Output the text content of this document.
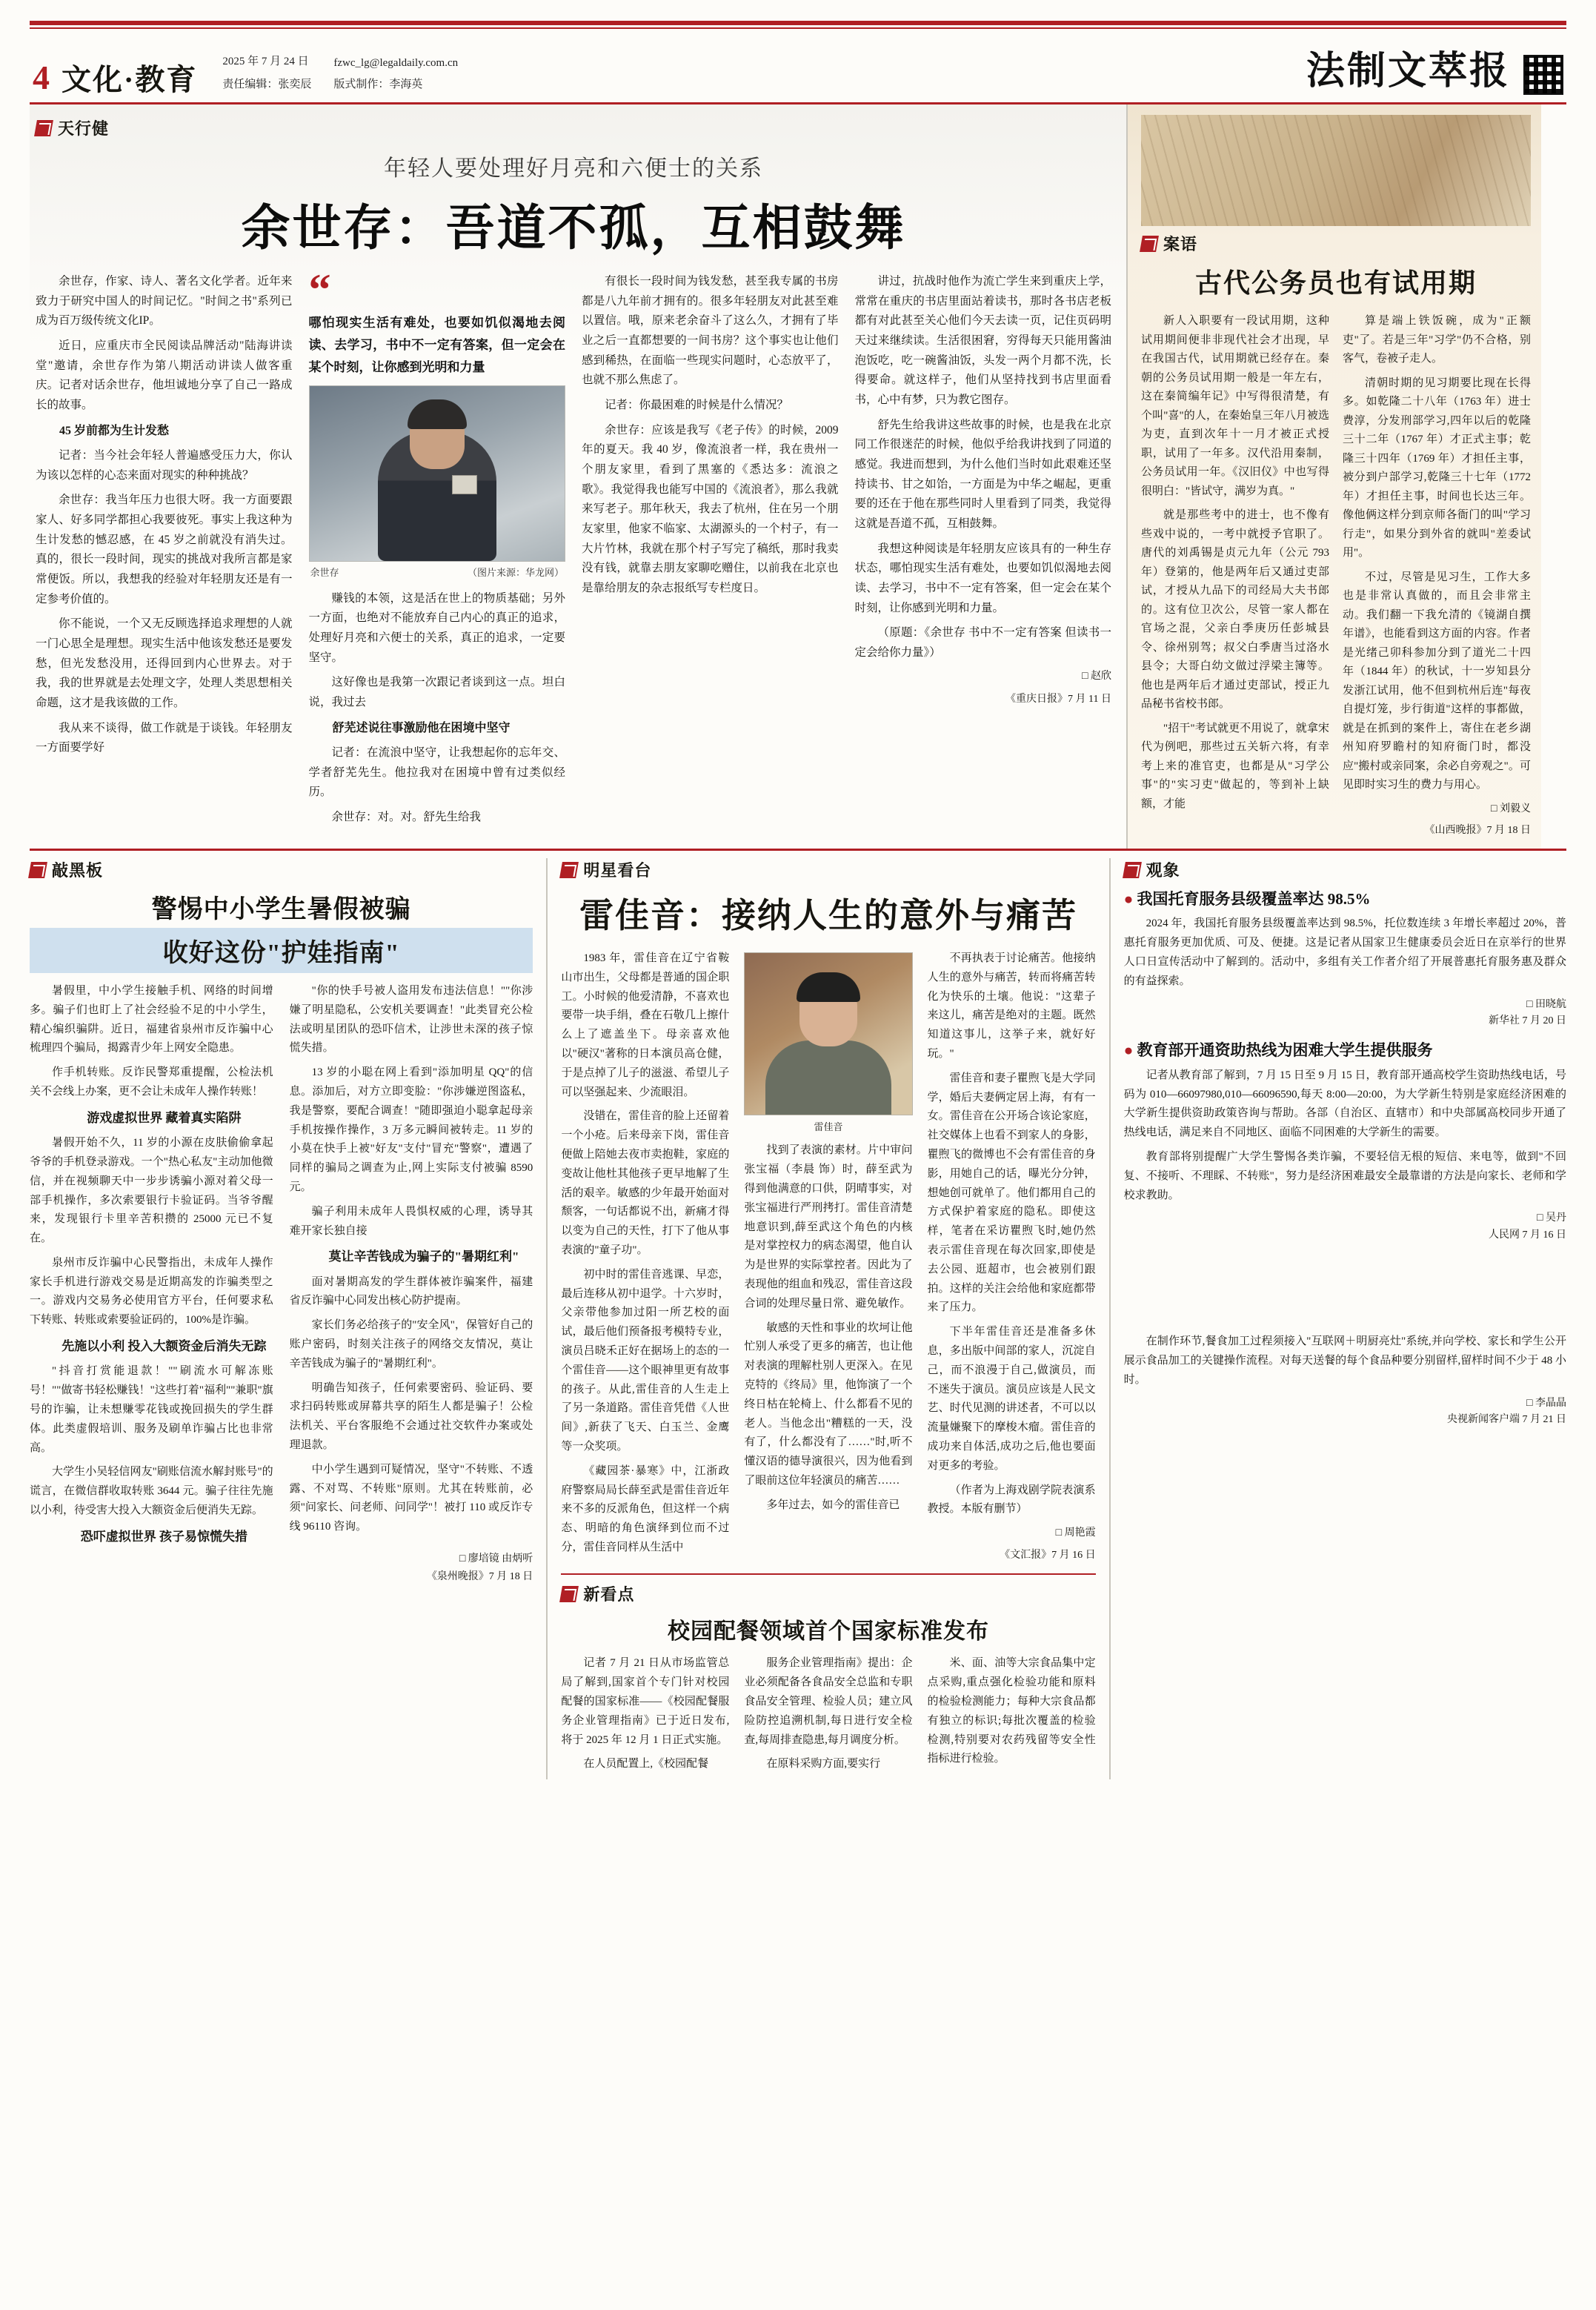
4 文化·教育
2025 年 7 月 24 日
责任编辑：张奕辰
fzwc_lg@legaldaily.com.cn
版式制作：李海英	法制文萃报
天行健
年轻人要处理好月亮和六便士的关系
余世存：吾道不孤，互相鼓舞

余世存，作家、诗人、著名文化学者。近年来致力于研究中国人的时间记忆。"时间之书"系列已成为百万级传统文化IP。

近日，应重庆市全民阅读品牌活动"陆海讲读堂"邀请，余世存作为第八期活动讲读人做客重庆。记者对话余世存，他坦诚地分享了自己一路成长的故事。

45 岁前都为生计发愁

记者：当今社会年轻人普遍感受压力大，你认为该以怎样的心态来面对现实的种种挑战？

余世存：我当年压力也很大呀。我一方面要跟家人、好多同学都担心我要彼死。事实上我这种为生计发愁的憾忍感，在 45 岁之前就没有消失过。真的，很长一段时间，现实的挑战对我所言都是家常便饭。所以，我想我的经验对年轻朋友还是有一定参考价值的。

你不能说，一个又无反顾选择追求理想的人就一门心思全是理想。现实生活中他该发愁还是要发愁，但光发愁没用，还得回到内心世界去。对于我，我的世界就是去处理文字，处理人类思想相关命题，这才是我该做的工作。

我从来不谈得，做工作就是于谈钱。年轻朋友一方面要学好

“
哪怕现实生活有难处，也要如饥似渴地去阅读、去学习，书中不一定有答案，但一定会在某个时刻，让你感到光明和力量
余世存	（图片来源：华龙网）

赚钱的本领，这是活在世上的物质基础；另外一方面，也绝对不能放弃自己内心的真正的追求，处理好月亮和六便士的关系，真正的追求，一定要坚守。

这好像也是我第一次跟记者谈到这一点。坦白说，我过去

舒芜述说往事激励他在困境中坚守

记者：在流浪中坚守，让我想起你的忘年交、学者舒芜先生。他拉我对在困境中曾有过类似经历。

余世存：对。对。舒先生给我

有很长一段时间为钱发愁，甚至我专属的书房都是八九年前才拥有的。很多年轻朋友对此甚至难以置信。哦，原来老余奋斗了这么久，才拥有了毕业之后一直都想要的一间书房？这个事实也让他们感到稀热，在面临一些现实问题时，心态放平了，也就不那么焦虑了。

记者：你最困难的时候是什么情况？

余世存：应该是我写《老子传》的时候，2009 年的夏天。我 40 岁，像流浪者一样，我在贵州一个朋友家里，看到了黑塞的《悉达多：流浪之歌》。我觉得我也能写中国的《流浪者》，那么我就来写老子。那年秋天，我去了杭州，住在另一个朋友家里，他家不临家、太湖源头的一个村子，有一大片竹林，我就在那个村子写完了稿纸，那时我卖没有钱，就靠去朋友家聊吃赠住，以前我在北京也是靠给朋友的杂志报纸写专栏度日。

讲过，抗战时他作为流亡学生来到重庆上学，常常在重庆的书店里面站着读书，那时各书店老板都有对此甚至关心他们今天去读一页，记住页码明天过来继续读。生活很困窘，穷得每天只能用酱油泡饭吃，吃一碗酱油饭，头发一两个月都不洗，长得要命。就这样子，他们从坚持找到书店里面看书，心中有梦，只为教它图存。

舒先生给我讲这些故事的时候，也是我在北京同工作很迷茫的时候，他似乎给我讲找到了同道的感觉。我进而想到，为什么他们当时如此艰难还坚持读书、甘之如饴，一方面是为中华之崛起，更重要的还在于他在那些同时人里看到了同类，我觉得这就是吾道不孤，互相鼓舞。

我想这种阅读是年轻朋友应该具有的一种生存状态，哪怕现实生活有难处，也要如饥似渴地去阅读、去学习，书中不一定有答案，但一定会在某个时刻，让你感到光明和力量。

（原题：《余世存 书中不一定有答案 但读书一定会给你力量》）

□ 赵欣
《重庆日报》7 月 11 日
案语
古代公务员也有试用期

新人入职要有一段试用期，这种试用期间便非非现代社会才出现，早在我国古代，试用期就已经存在。秦朝的公务员试用期一般是一年左右，这在秦简编年记》中写得很清楚，有个叫"喜"的人，在秦始皇三年八月被选为吏，直到次年十一月才被正式授职，试用了一年多。汉代沿用秦制，公务员试用一年。《汉旧仪》中也写得很明白："皆试守，满岁为真。"

就是那些考中的进士，也不像有些戏中说的，一考中就授予官职了。唐代的刘禹锡是贞元九年（公元 793 年）登第的，他是两年后又通过吏部试，才授从九品下的司经局大夫书郎的。这有位卫次公，尽管一家人都在官场之混，父亲白季庚历任彭城县令、徐州别驾；叔父白季唐当过洛水县令；大哥白幼文做过浮梁主簿等。他也是两年后才通过吏部试，授正九品秘书省校书郎。

"招干"考试就更不用说了，就拿宋代为例吧，那些过五关斩六将，有幸考上来的准官吏，也都是从"习学公事"的"实习吏"做起的，等到补上缺额，才能

算是端上铁饭碗，成为"正额吏"了。若是三年"习学"仍不合格，别客气，卷被子走人。

清朝时期的见习期要比现在长得多。如乾隆二十八年（1763 年）进士费淳，分发刑部学习,四年以后的乾隆三十二年（1767 年）才正式主事；乾隆三十四年（1769 年）才担任主事，被分到户部学习,乾隆三十七年（1772 年）才担任主事，时间也长达三年。像他俩这样分到京师各衙门的叫"学习行走"，如果分到外省的就叫"差委试用"。

不过，尽管是见习生，工作大多也是非常认真做的，而且会非常主动。我们翻一下我允清的《镜湖自撰年谱》，也能看到这方面的内容。作者是光绪己卯科参加分到了道光二十四年（1844 年）的秋试，十一岁知县分发浙江试用，他不但到杭州后连"每夜自提灯笼，步行街道"这样的事都做，就是在抓到的案件上，寄住在老乡湖州知府罗瞻村的知府衙门时，都没应"搬村或亲同案，余必自旁观之"。可见即时实习生的费力与用心。

□ 刘毅义
《山西晚报》7 月 18 日
敲黑板
警惕中小学生暑假被骗
收好这份"护娃指南"

暑假里，中小学生接触手机、网络的时间增多。骗子们也盯上了社会经验不足的中小学生，精心编织骗阱。近日，福建省泉州市反诈骗中心梳理四个骗局，揭露青少年上网安全隐患。

作手机转账。反诈民警郑重提醒，公检法机关不会线上办案，更不会让未成年人操作转账！

游戏虚拟世界 藏着真实陷阱

暑假开始不久，11 岁的小源在皮肤偷偷拿起爷爷的手机登录游戏。一个"热心私友"主动加他微信，并在视频聊天中一步步诱骗小源对着父母一部手机操作，多次索要银行卡验证码。当爷爷醒来，发现银行卡里辛苦积攒的 25000 元已不复在。

泉州市反诈骗中心民警指出，未成年人操作家长手机进行游戏交易是近期高发的诈骗类型之一。游戏内交易务必使用官方平台，任何要求私下转账、转账或索要验证码的，100%是诈骗。

先施以小利 投入大额资金后消失无踪

"抖音打赏能退款！""刷流水可解冻账号！""做寄书轻松赚钱！"这些打着"福利""兼职"旗号的诈骗，让未想赚零花钱或挽回损失的学生群体。此类虚假培训、服务及刷单诈骗占比也非常高。

大学生小吴轻信网友"刷账信流水解封账号"的谎言，在微信群收取转账 3644 元。骗子往往先施以小利，待受害大投入大额资金后便消失无踪。

恐吓虚拟世界 孩子易惊慌失措

"你的快手号被人盗用发布违法信息！""你涉嫌了明星隐私，公安机关要调查！"此类冒充公检法或明星团队的恐吓信术，让涉世未深的孩子惊慌失措。

13 岁的小聪在网上看到"添加明星 QQ"的信息。添加后，对方立即变脸："你涉嫌逆图盗私，我是警察，要配合调查！"随即强迫小聪拿起母亲手机按操作操作，3 万多元瞬间被转走。11 岁的小莫在快手上被"好友"支付"冒充"警察"，遭遇了同样的骗局之调查为止,网上实际支付被骗 8590 元。

骗子利用未成年人畏惧权威的心理，诱导其难开家长独自接

莫让辛苦钱成为骗子的"暑期红利"

面对暑期高发的学生群体被诈骗案件，福建省反诈骗中心同发出核心防护提南。

家长们务必给孩子的"安全风"，保管好自己的账户密码，时刻关注孩子的网络交友情况，莫让辛苦钱成为骗子的"暑期红利"。

明确告知孩子，任何索要密码、验证码、要求扫码转账或屏幕共享的陌生人都是骗子！公检法机关、平台客服绝不会通过社交软件办案或处理退款。

中小学生遇到可疑情况，坚守"不转账、不透露、不对骂、不转账"原则。尤其在转账前，必须"问家长、问老师、问同学"！被打 110 或反诈专线 96110 咨询。

□ 廖培镜 由炳听
《泉州晚报》7 月 18 日
明星看台
雷佳音：接纳人生的意外与痛苦

1983 年，雷佳音在辽宁省鞍山市出生，父母都是普通的国企职工。小时候的他爱清静，不喜欢也要带一块手绢，叠在石敬几上擦什么上了遮盖坐下。母亲喜欢他以"硬汉"著称的日本演员高仓健，于是点掉了儿子的滋滋、希望儿子可以坚强起来、少流眼泪。

没错在，雷佳音的脸上还留着一个小疮。后来母亲下岗，雷佳音便做上陪她去夜市卖抱鞋，家庭的变故让他杜其他孩子更早地解了生活的艰辛。敏感的少年最开始面对颓客，一句话都说不出，新痛才得以变为自己的天性，打下了他从事表演的"童子功"。

初中时的雷佳音逃课、早恋，最后连移从初中退学。十六岁时，父亲带他参加过阳一所艺校的面试，最后他们预备报考模特专业，演员吕晓禾正好在据场上的态的一个雷佳音——这个眼神里更有故事的孩子。从此,雷佳音的人生走上了另一条道路。雷佳音凭借《人世间》,新获了飞天、白玉兰、金鹰等一众奖项。

《藏园茶·暴寒》中，江浙政府警察局局长薛至武是雷佳音近年来不多的反派角色，但这样一个病态、明暗的角色演绎到位而不过分，雷佳音同样从生活中

雷佳音

找到了表演的素材。片中审问张宝福（李晨 饰）时，薛至武为得到他满意的口供，阴晴事实，对张宝福进行严刑拷打。雷佳音清楚地意识到,薛至武这个角色的内核是对掌控权力的病态渴望，他自认为是世界的实际掌控者。因此为了表现他的组血和残忍，雷佳音这段合词的处理尽量日常、避免敏作。

敏感的天性和事业的坎坷让他忙别人承受了更多的痛苦，也让他对表演的理解杜别人更深入。在见克特的《终局》里，他饰演了一个终日枯在轮椅上、什么都看不见的老人。当他念出"糟糕的一天，没有了，什么都没有了……"时,听不懂汉语的德导演很兴，因为他看到了眼前这位年轻演员的痛苦……

多年过去，如今的雷佳音已

不再执表于讨论痛苦。他接纳人生的意外与痛苦，转而将痛苦转化为快乐的土壤。他说："这辈子来这儿，痛苦是绝对的主题。既然知道这事儿，这挙子来，就好好玩。"

雷佳音和妻子瞿煦飞是大学同学，婚后夫妻俩定居上海，有有一女。雷佳音在公开场合该论家庭，社交媒体上也看不到家人的身影，瞿煦飞的微博也不会有雷佳音的身影，用她自己的话，曝光分分钟，想她创可就单了。他们都用自己的方式保护着家庭的隐私。即使这样，笔者在采访瞿煦飞时,她仍然表示雷佳音现在每次回家,即使是去公园、逛超市，也会被别们跟拍。这样的关注会给他和家庭都带来了压力。

下半年雷佳音还是准备多休息，多出版中间部的家人，沉淀自己，而不浪漫于自己,做演员，而不迷失于演员。演员应该是人民文艺、时代见测的讲述者，不可以以流量嫌聚下的摩梭木瘤。雷佳音的成功来自体活,成功之后,他也要面对更多的考验。

（作者为上海戏剧学院表演系教授。本版有删节）

□ 周艳霞
《文汇报》7 月 16 日
新看点
校园配餐领域首个国家标准发布

记者 7 月 21 日从市场监管总局了解到,国家首个专门针对校园配餐的国家标准——《校园配餐服务企业管理指南》已于近日发布,将于 2025 年 12 月 1 日正式实施。

在人员配置上,《校园配餐

服务企业管理指南》提出：企业必须配备各食品安全总监和专职食品安全管理、检验人员；建立风险防控追溯机制,每日进行安全检查,每周排查隐患,每月调度分析。

在原料采购方面,要实行

米、面、油等大宗食品集中定点采购,重点强化检验功能和原料的检验检测能力；每种大宗食品都有独立的标识;每批次覆盖的检验检测,特别要对农药残留等安全性指标进行检验。

观象
● 我国托育服务县级覆盖率达 98.5%

2024 年，我国托育服务县级覆盖率达到 98.5%，托位数连续 3 年增长率超过 20%，普惠托育服务更加优质、可及、便捷。这是记者从国家卫生健康委员会近日在京举行的世界人口日宣传活动中了解到的。活动中，多组有关工作者介绍了开展普惠托育服务惠及群众的有益探索。

□ 田晓航
新华社 7 月 20 日
● 教育部开通资助热线为困难大学生提供服务

记者从教育部了解到，7 月 15 日至 9 月 15 日，教育部开通高校学生资助热线电话，号码为 010—66097980,010—66096590,每天 8:00—20:00，为大学新生特别是家庭经济困难的大学新生提供资助政策咨询与帮助。各部（自治区、直辖市）和中央部属高校同步开通了热线电话，满足来自不同地区、面临不同困难的大学新生的需要。

教育部将别提醒广大学生警惕各类诈骗，不要轻信无根的短信、来电等，做到"不回复、不接听、不理睬、不转账"，努力是经济困难最安全最靠谱的方法是向家长、老师和学校求教助。

□ 吴丹
人民网 7 月 16 日

在制作环节,餐食加工过程须接入"互联网＋明厨亮灶"系统,并向学校、家长和学生公开展示食品加工的关键操作流程。对每天送餐的每个食品种要分别留样,留样时间不少于 48 小时。

□ 李晶晶
央视新闻客户端 7 月 21 日
